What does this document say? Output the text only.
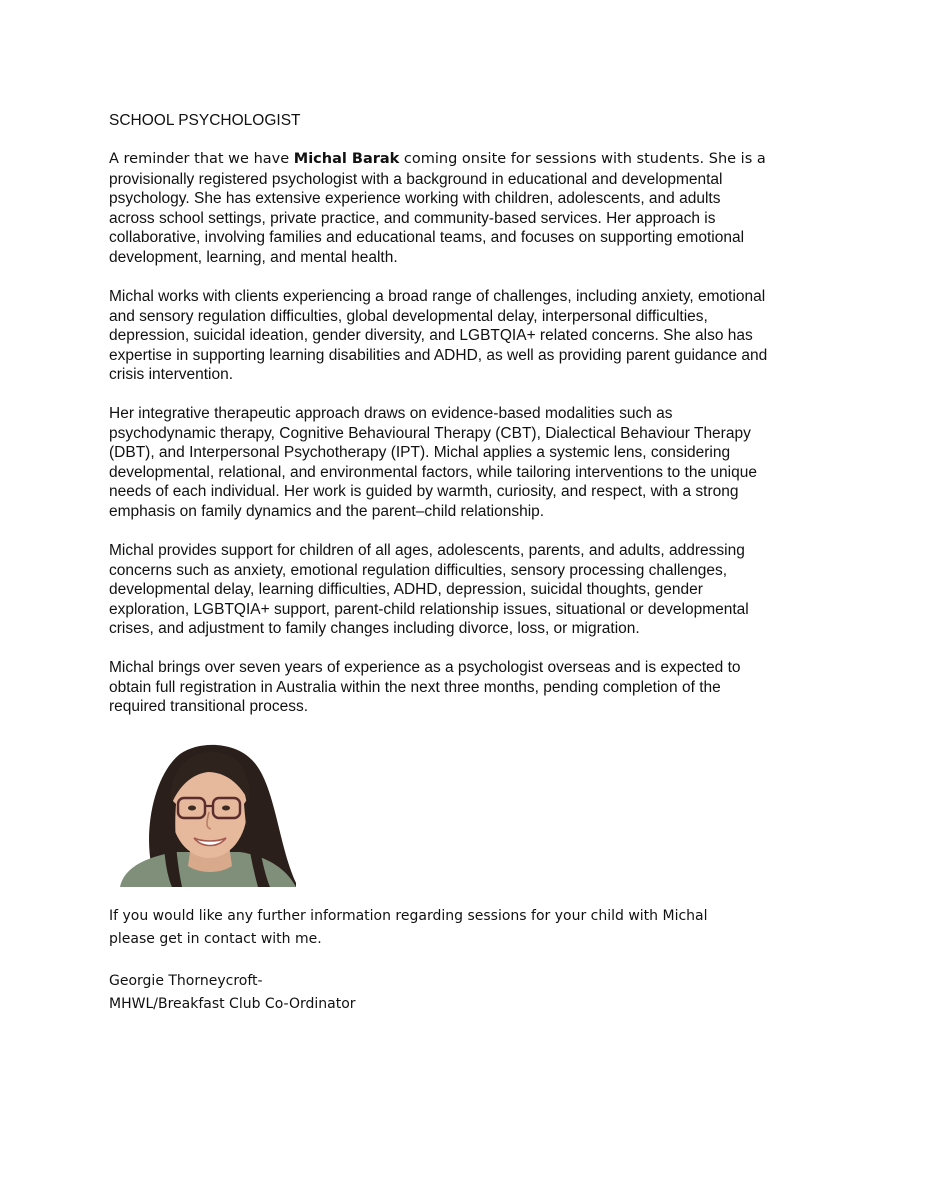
SCHOOL PSYCHOLOGIST
A reminder that we have Michal Barak coming onsite for sessions with students. She is a
provisionally registered psychologist with a background in educational and developmental
psychology. She has extensive experience working with children, adolescents, and adults
across school settings, private practice, and community-based services. Her approach is
collaborative, involving families and educational teams, and focuses on supporting emotional
development, learning, and mental health.
Michal works with clients experiencing a broad range of challenges, including anxiety, emotional
and sensory regulation difficulties, global developmental delay, interpersonal difficulties,
depression, suicidal ideation, gender diversity, and LGBTQIA+ related concerns. She also has
expertise in supporting learning disabilities and ADHD, as well as providing parent guidance and
crisis intervention.
Her integrative therapeutic approach draws on evidence-based modalities such as
psychodynamic therapy, Cognitive Behavioural Therapy (CBT), Dialectical Behaviour Therapy
(DBT), and Interpersonal Psychotherapy (IPT). Michal applies a systemic lens, considering
developmental, relational, and environmental factors, while tailoring interventions to the unique
needs of each individual. Her work is guided by warmth, curiosity, and respect, with a strong
emphasis on family dynamics and the parent–child relationship.
Michal provides support for children of all ages, adolescents, parents, and adults, addressing
concerns such as anxiety, emotional regulation difficulties, sensory processing challenges,
developmental delay, learning difficulties, ADHD, depression, suicidal thoughts, gender
exploration, LGBTQIA+ support, parent-child relationship issues, situational or developmental
crises, and adjustment to family changes including divorce, loss, or migration.
Michal brings over seven years of experience as a psychologist overseas and is expected to
obtain full registration in Australia within the next three months, pending completion of the
required transitional process.
If you would like any further information regarding sessions for your child with Michal
please get in contact with me.
Georgie Thorneycroft-
MHWL/Breakfast Club Co-Ordinator
